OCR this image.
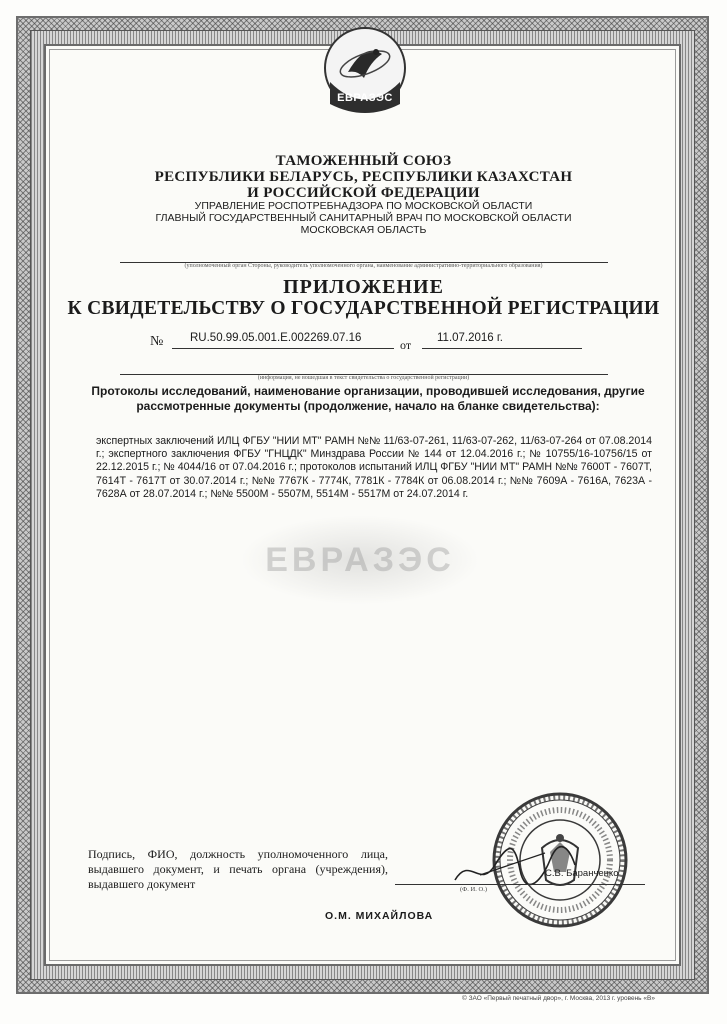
ЕВРАЗЭС
ЕВРАЗЭС
ТАМОЖЕННЫЙ СОЮЗ
РЕСПУБЛИКИ БЕЛАРУСЬ, РЕСПУБЛИКИ КАЗАХСТАН
И РОССИЙСКОЙ ФЕДЕРАЦИИ
УПРАВЛЕНИЕ РОСПОТРЕБНАДЗОРА ПО МОСКОВСКОЙ ОБЛАСТИ
ГЛАВНЫЙ ГОСУДАРСТВЕННЫЙ САНИТАРНЫЙ ВРАЧ ПО МОСКОВСКОЙ ОБЛАСТИ
МОСКОВСКАЯ ОБЛАСТЬ
(уполномоченный орган Стороны, руководитель уполномоченного органа, наименование административно-территориального образования)
ПРИЛОЖЕНИЕ
К СВИДЕТЕЛЬСТВУ О ГОСУДАРСТВЕННОЙ РЕГИСТРАЦИИ
№ RU.50.99.05.001.E.002269.07.16	от 11.07.2016 г.
(информация, не вошедшая в текст свидетельства о государственной регистрации)
Протоколы исследований, наименование организации, проводившей исследования, другие рассмотренные документы (продолжение, начало на бланке свидетельства):
экспертных заключений ИЛЦ ФГБУ "НИИ МТ" РАМН №№ 11/63-07-261, 11/63-07-262, 11/63-07-264 от 07.08.2014 г.; экспертного заключения ФГБУ "ГНЦДК" Минздрава России № 144 от 12.04.2016 г.; № 10755/16-10756/15 от 22.12.2015 г.; № 4044/16 от 07.04.2016 г.; протоколов испытаний ИЛЦ ФГБУ "НИИ МТ" РАМН №№ 7600Т - 7607Т, 7614Т - 7617Т от 30.07.2014 г.; №№ 7767К - 7774К, 7781К - 7784К от 06.08.2014 г.; №№ 7609А - 7616А, 7623А - 7628А от 28.07.2014 г.; №№ 5500М - 5507М, 5514М - 5517М от 24.07.2014 г.
Подпись, ФИО, должность уполномоченного лица, выдавшего документ, и печать органа (учреждения), выдавшего документ	(Ф. И. О.)
С.В. Баранченко
О.М. МИХАЙЛОВА
© ЗАО «Первый печатный двор», г. Москва, 2013 г. уровень «В»
